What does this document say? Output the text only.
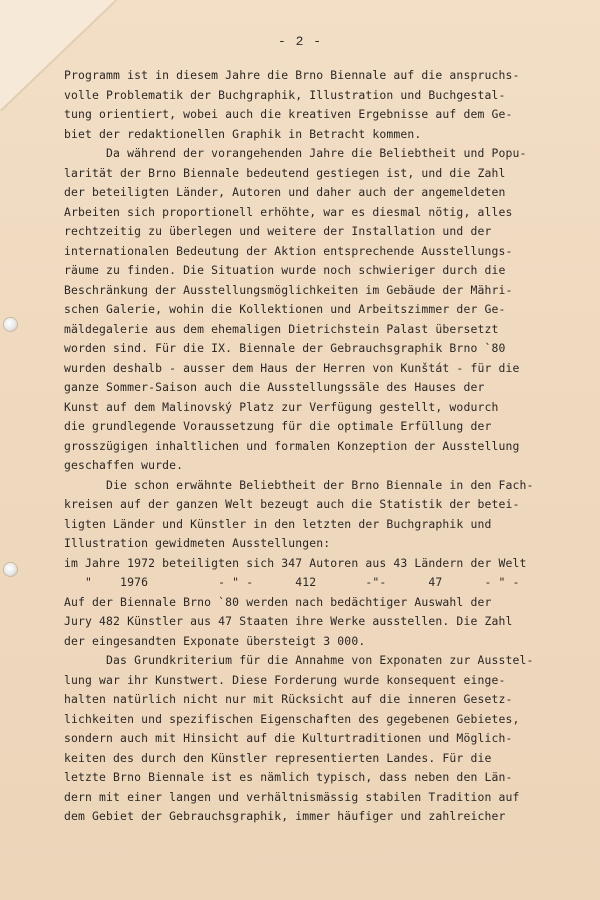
- 2 -
Programm ist in diesem Jahre die Brno Biennale auf die anspruchs-
volle Problematik der Buchgraphik, Illustration und Buchgestal-
tung orientiert, wobei auch die kreativen Ergebnisse auf dem Ge-
biet der redaktionellen Graphik in Betracht kommen.
Da während der vorangehenden Jahre die Beliebtheit und Popu-
larität der Brno Biennale bedeutend gestiegen ist, und die Zahl
der beteiligten Länder, Autoren und daher auch der angemeldeten
Arbeiten sich proportionell erhöhte, war es diesmal nötig, alles
rechtzeitig zu überlegen und weitere der Installation und der
internationalen Bedeutung der Aktion entsprechende Ausstellungs-
räume zu finden. Die Situation wurde noch schwieriger durch die
Beschränkung der Ausstellungsmöglichkeiten im Gebäude der Mähri-
schen Galerie, wohin die Kollektionen und Arbeitszimmer der Ge-
mäldegalerie aus dem ehemaligen Dietrichstein Palast übersetzt
worden sind. Für die IX. Biennale der Gebrauchsgraphik Brno `80
wurden deshalb - ausser dem Haus der Herren von Kunštát - für die
ganze Sommer-Saison auch die Ausstellungssäle des Hauses der
Kunst auf dem Malinovský Platz zur Verfügung gestellt, wodurch
die grundlegende Voraussetzung für die optimale Erfüllung der
grosszügigen inhaltlichen und formalen Konzeption der Ausstellung
geschaffen wurde.
Die schon erwähnte Beliebtheit der Brno Biennale in den Fach-
kreisen auf der ganzen Welt bezeugt auch die Statistik der betei-
ligten Länder und Künstler in den letzten der Buchgraphik und
Illustration gewidmeten Ausstellungen:
im Jahre 1972 beteiligten sich 347 Autoren aus 43 Ländern der Welt
"    1976          - " -      412       -"-      47      - " -
Auf der Biennale Brno `80 werden nach bedächtiger Auswahl der
Jury 482 Künstler aus 47 Staaten ihre Werke ausstellen. Die Zahl
der eingesandten Exponate übersteigt 3 000.
Das Grundkriterium für die Annahme von Exponaten zur Ausstel-
lung war ihr Kunstwert. Diese Forderung wurde konsequent einge-
halten natürlich nicht nur mit Rücksicht auf die inneren Gesetz-
lichkeiten und spezifischen Eigenschaften des gegebenen Gebietes,
sondern auch mit Hinsicht auf die Kulturtraditionen und Möglich-
keiten des durch den Künstler representierten Landes. Für die
letzte Brno Biennale ist es nämlich typisch, dass neben den Län-
dern mit einer langen und verhältnismässig stabilen Tradition auf
dem Gebiet der Gebrauchsgraphik, immer häufiger und zahlreicher
